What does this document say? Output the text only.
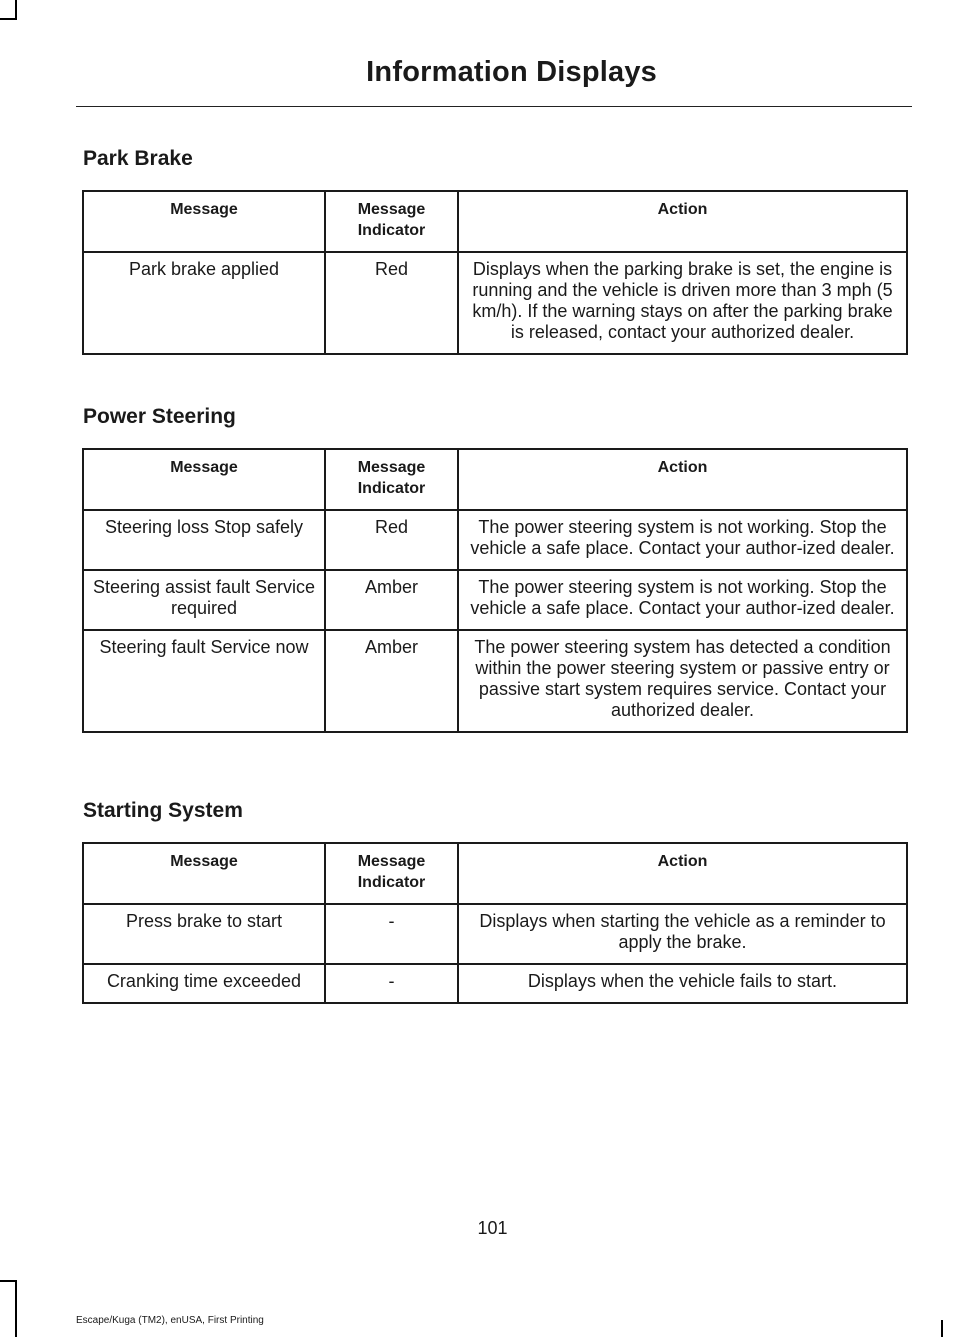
Information Displays
Park Brake
Message	Message Indicator	Action
Park brake applied	Red	Displays when the parking brake is set, the engine is running and the vehicle is driven more than 3 mph (5 km/h). If the warning stays on after the parking brake is released, contact your authorized dealer.
Power Steering
Message	Message Indicator	Action
Steering loss Stop safely	Red	The power steering system is not working. Stop the vehicle a safe place. Contact your author-ized dealer.
Steering assist fault Service required	Amber	The power steering system is not working. Stop the vehicle a safe place. Contact your author-ized dealer.
Steering fault Service now	Amber	The power steering system has detected a condition within the power steering system or passive entry or passive start system requires service. Contact your authorized dealer.
Starting System
Message	Message Indicator	Action
Press brake to start	-	Displays when starting the vehicle as a reminder to apply the brake.
Cranking time exceeded	-	Displays when the vehicle fails to start.
101
Escape/Kuga (TM2), enUSA, First Printing
